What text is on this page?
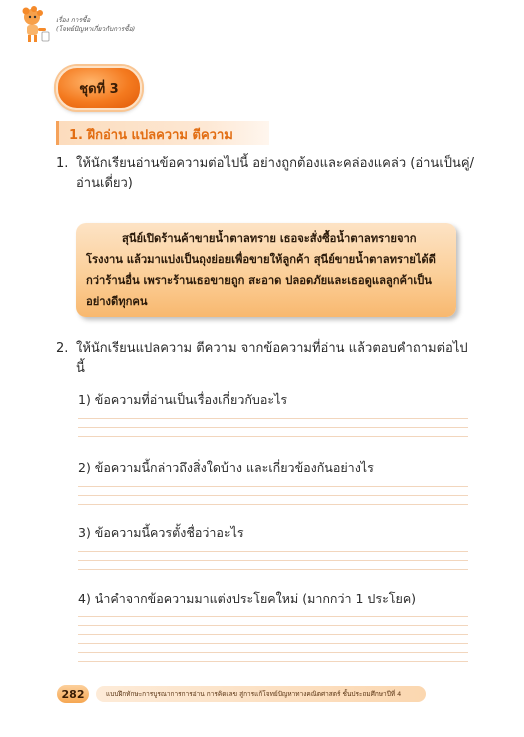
เรื่อง การซื้อ
(โจทย์ปัญหาเกี่ยวกับการซื้อ)
ชุดที่ 3
1. ฝึกอ่าน แปลความ ตีความ
1. ให้นักเรียนอ่านข้อความต่อไปนี้ อย่างถูกต้องและคล่องแคล่ว (อ่านเป็นคู่/อ่านเดี่ยว)
สุนีย์เปิดร้านค้าขายน้ำตาลทราย เธอจะสั่งซื้อน้ำตาลทรายจากโรงงาน แล้วมาแบ่งเป็นถุงย่อยเพื่อขายให้ลูกค้า สุนีย์ขายน้ำตาลทรายได้ดีกว่าร้านอื่น เพราะร้านเธอขายถูก สะอาด ปลอดภัยและเธอดูแลลูกค้าเป็นอย่างดีทุกคน
2. ให้นักเรียนแปลความ ตีความ จากข้อความที่อ่าน แล้วตอบคำถามต่อไปนี้
1) ข้อความที่อ่านเป็นเรื่องเกี่ยวกับอะไร
2) ข้อความนี้กล่าวถึงสิ่งใดบ้าง และเกี่ยวข้องกันอย่างไร
3) ข้อความนี้ควรตั้งชื่อว่าอะไร
4) นำคำจากข้อความมาแต่งประโยคใหม่ (มากกว่า 1 ประโยค)
282	แบบฝึกทักษะการบูรณาการการอ่าน การคิดเลข สู่การแก้โจทย์ปัญหาทางคณิตศาสตร์ ชั้นประถมศึกษาปีที่ 4
